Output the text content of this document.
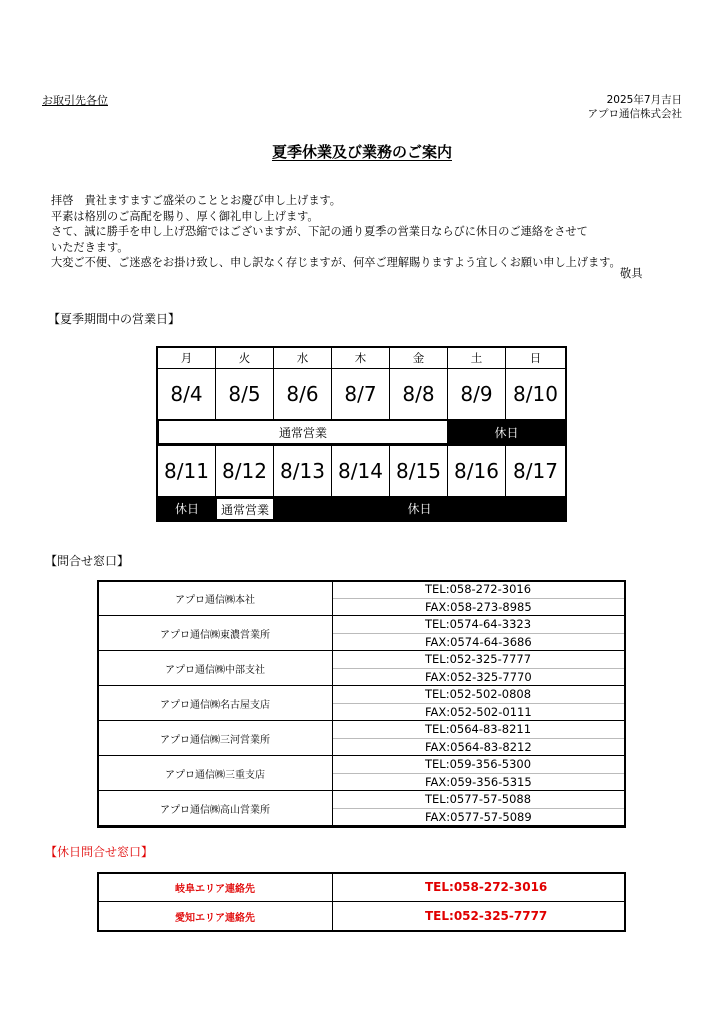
お取引先各位	2025年7月吉日
アプロ通信株式会社
夏季休業及び業務のご案内
拝啓　貴社ますますご盛栄のこととお慶び申し上げます。
平素は格別のご高配を賜り、厚く御礼申し上げます。
さて、誠に勝手を申し上げ恐縮ではございますが、下記の通り夏季の営業日ならびに休日のご連絡をさせて
いただきます。
大変ご不便、ご迷惑をお掛け致し、申し訳なく存じますが、何卒ご理解賜りますよう宜しくお願い申し上げます。
敬具
【夏季期間中の営業日】
月	火	水	木	金	土	日
8/4	8/5	8/6	8/7	8/8	8/9	8/10
通常営業	休日
8/11 8/12 8/13 8/14 8/15 8/16 8/17
休日	通常営業	休日
【問合せ窓口】
アプロ通信㈱本社	TEL:058-272-3016
	FAX:058-273-8985
アプロ通信㈱東濃営業所	TEL:0574-64-3323
	FAX:0574-64-3686
アプロ通信㈱中部支社	TEL:052-325-7777
	FAX:052-325-7770
アプロ通信㈱名古屋支店	TEL:052-502-0808
	FAX:052-502-0111
アプロ通信㈱三河営業所	TEL:0564-83-8211
	FAX:0564-83-8212
アプロ通信㈱三重支店	TEL:059-356-5300
	FAX:059-356-5315
アプロ通信㈱高山営業所	TEL:0577-57-5088
	FAX:0577-57-5089
【休日問合せ窓口】
岐阜エリア連絡先	TEL:058-272-3016
愛知エリア連絡先	TEL:052-325-7777
